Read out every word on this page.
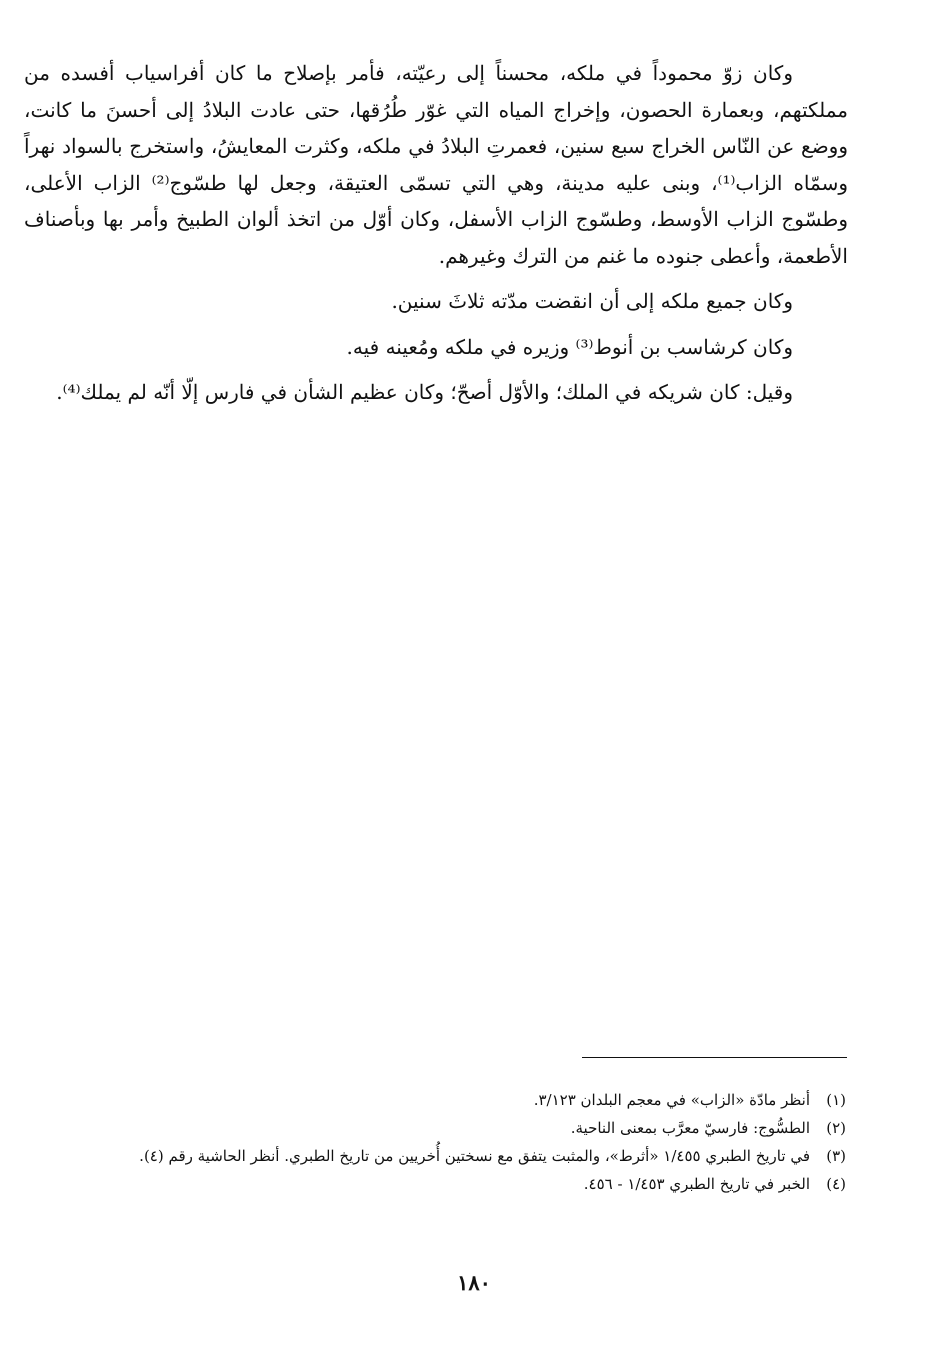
وكان زوّ محموداً في ملكه، محسناً إلى رعيّته، فأمر بإصلاح ما كان أفراسياب أفسده من مملكتهم، وبعمارة الحصون، وإخراج المياه التي غوّر طُرُقها، حتى عادت البلادُ إلى أحسنَ ما كانت، ووضع عن النّاس الخراج سبع سنين، فعمرتِ البلادُ في ملكه، وكثرت المعايشُ، واستخرج بالسواد نهراً وسمّاه الزاب⁽¹⁾، وبنى عليه مدينة، وهي التي تسمّى العتيقة، وجعل لها طسّوج⁽²⁾ الزاب الأعلى، وطسّوج الزاب الأوسط، وطسّوج الزاب الأسفل، وكان أوّل من اتخذ ألوان الطبيخ وأمر بها وبأصناف الأطعمة، وأعطى جنوده ما غنم من الترك وغيرهم.

وكان جميع ملكه إلى أن انقضت مدّته ثلاثَ سنين.

وكان كرشاسب بن أنوط⁽³⁾ وزيره في ملكه ومُعينه فيه.

وقيل: كان شريكه في الملك؛ والأوّل أصحّ؛ وكان عظيم الشأن في فارس إلّا أنّه لم يملك⁽⁴⁾.

(١)
أنظر مادّة «الزاب» في معجم البلدان ٣/١٢٣.
(٢)
الطسُّوج: فارسيّ معرَّب بمعنى الناحية.
(٣)
في تاريخ الطبري ١/٤٥٥ «أثرط»، والمثبت يتفق مع نسختين أُخريين من تاريخ الطبري. أنظر الحاشية رقم (٤).
(٤)
الخبر في تاريخ الطبري ١/٤٥٣ - ٤٥٦.
١٨٠
